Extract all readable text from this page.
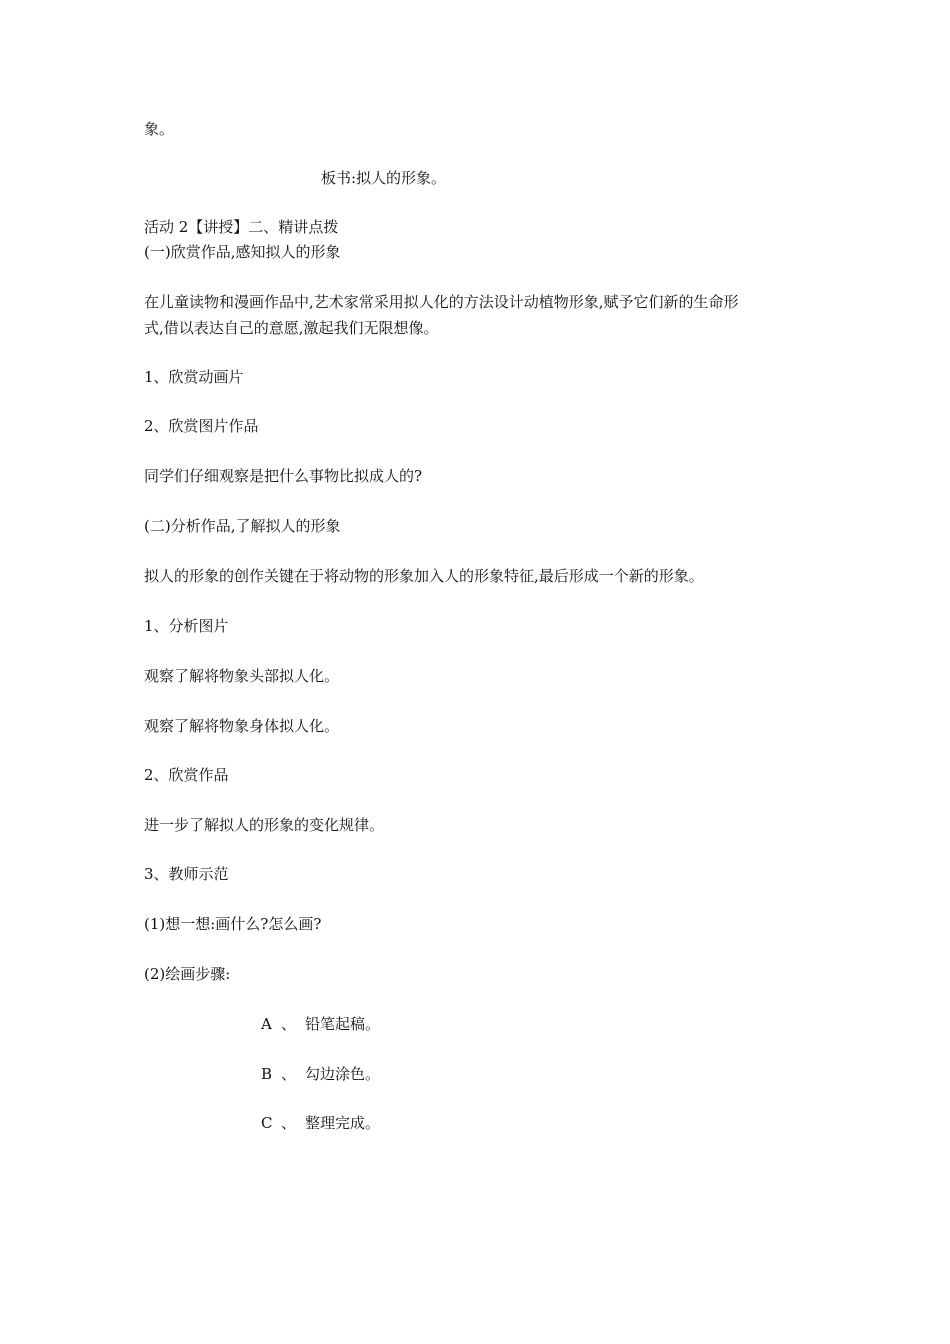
象。

板书:拟人的形象。

活动 2【讲授】二、精讲点拨

(一)欣赏作品,感知拟人的形象

在儿童读物和漫画作品中,艺术家常采用拟人化的方法设计动植物形象,赋予它们新的生命形

式,借以表达自己的意愿,激起我们无限想像。

1、欣赏动画片

2、欣赏图片作品

同学们仔细观察是把什么事物比拟成人的?

(二)分析作品,了解拟人的形象

拟人的形象的创作关键在于将动物的形象加入人的形象特征,最后形成一个新的形象。

1、分析图片

观察了解将物象头部拟人化。

观察了解将物象身体拟人化。

2、欣赏作品

进一步了解拟人的形象的变化规律。

3、教师示范

(1)想一想:画什么?怎么画?

(2)绘画步骤:

A 、 铅笔起稿。

B 、 勾边涂色。

C 、 整理完成。
